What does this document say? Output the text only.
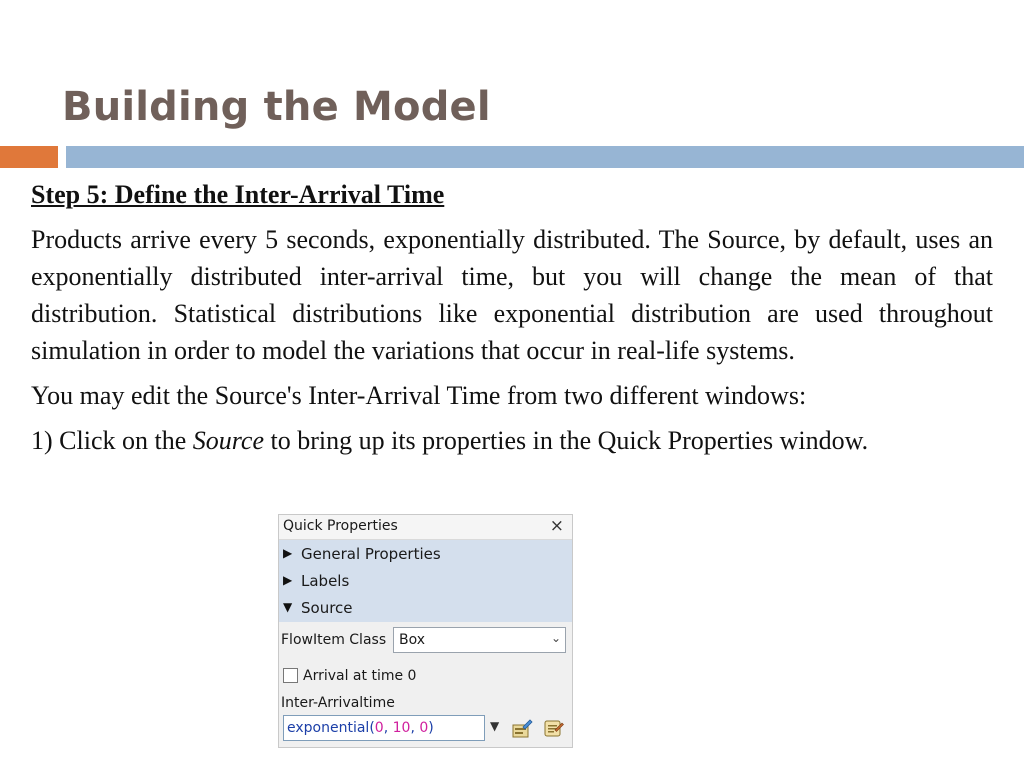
Building the Model
Step 5: Define the Inter-Arrival Time
Products arrive every 5 seconds, exponentially distributed. The Source, by default, uses an exponentially distributed inter-arrival time, but you will change the mean of that distribution. Statistical distributions like exponential distribution are used throughout simulation in order to model the variations that occur in real-life systems.
You may edit the Source's Inter-Arrival Time from two different windows:
1) Click on the Source to bring up its properties in the Quick Properties window.
Quick Properties	×
▶ General Properties
▶ Labels
▼ Source
FlowItem Class Box	⌄
Arrival at time 0
Inter-Arrivaltime
exponential(0, 10, 0)	▼
